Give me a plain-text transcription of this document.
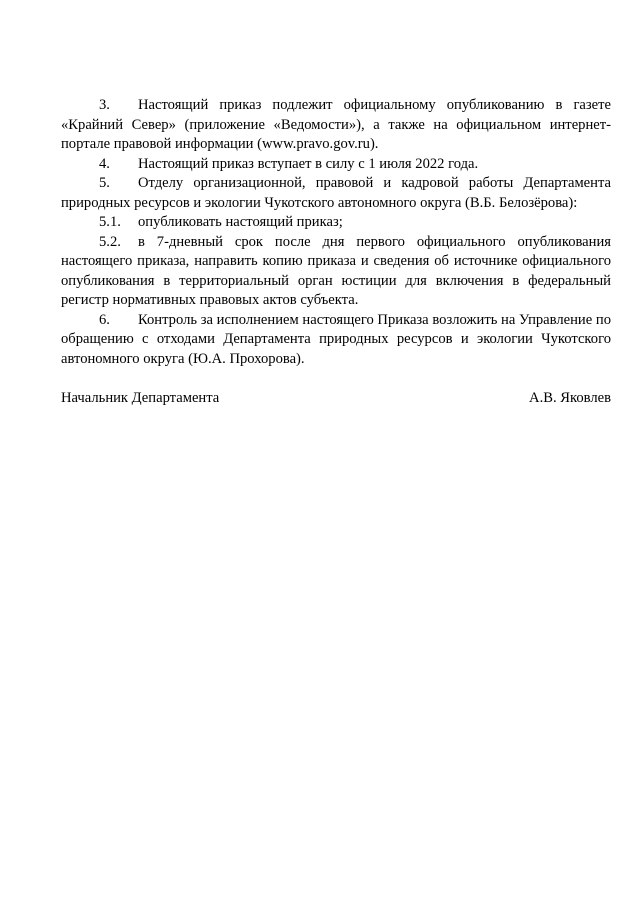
3. Настоящий приказ подлежит официальному опубликованию в газете «Крайний Север» (приложение «Ведомости»), а также на официальном интернет-портале правовой информации (www.pravo.gov.ru).

4. Настоящий приказ вступает в силу с 1 июля 2022 года.

5. Отделу организационной, правовой и кадровой работы Департамента природных ресурсов и экологии Чукотского автономного округа (В.Б. Белозёрова):

5.1. опубликовать настоящий приказ;

5.2. в 7-дневный срок после дня первого официального опубликования настоящего приказа, направить копию приказа и сведения об источнике официального опубликования в территориальный орган юстиции для включения в федеральный регистр нормативных правовых актов субъекта.

6. Контроль за исполнением настоящего Приказа возложить на Управление по обращению с отходами Департамента природных ресурсов и экологии Чукотского автономного округа (Ю.А. Прохорова).

Начальник Департамента	А.В. Яковлев
